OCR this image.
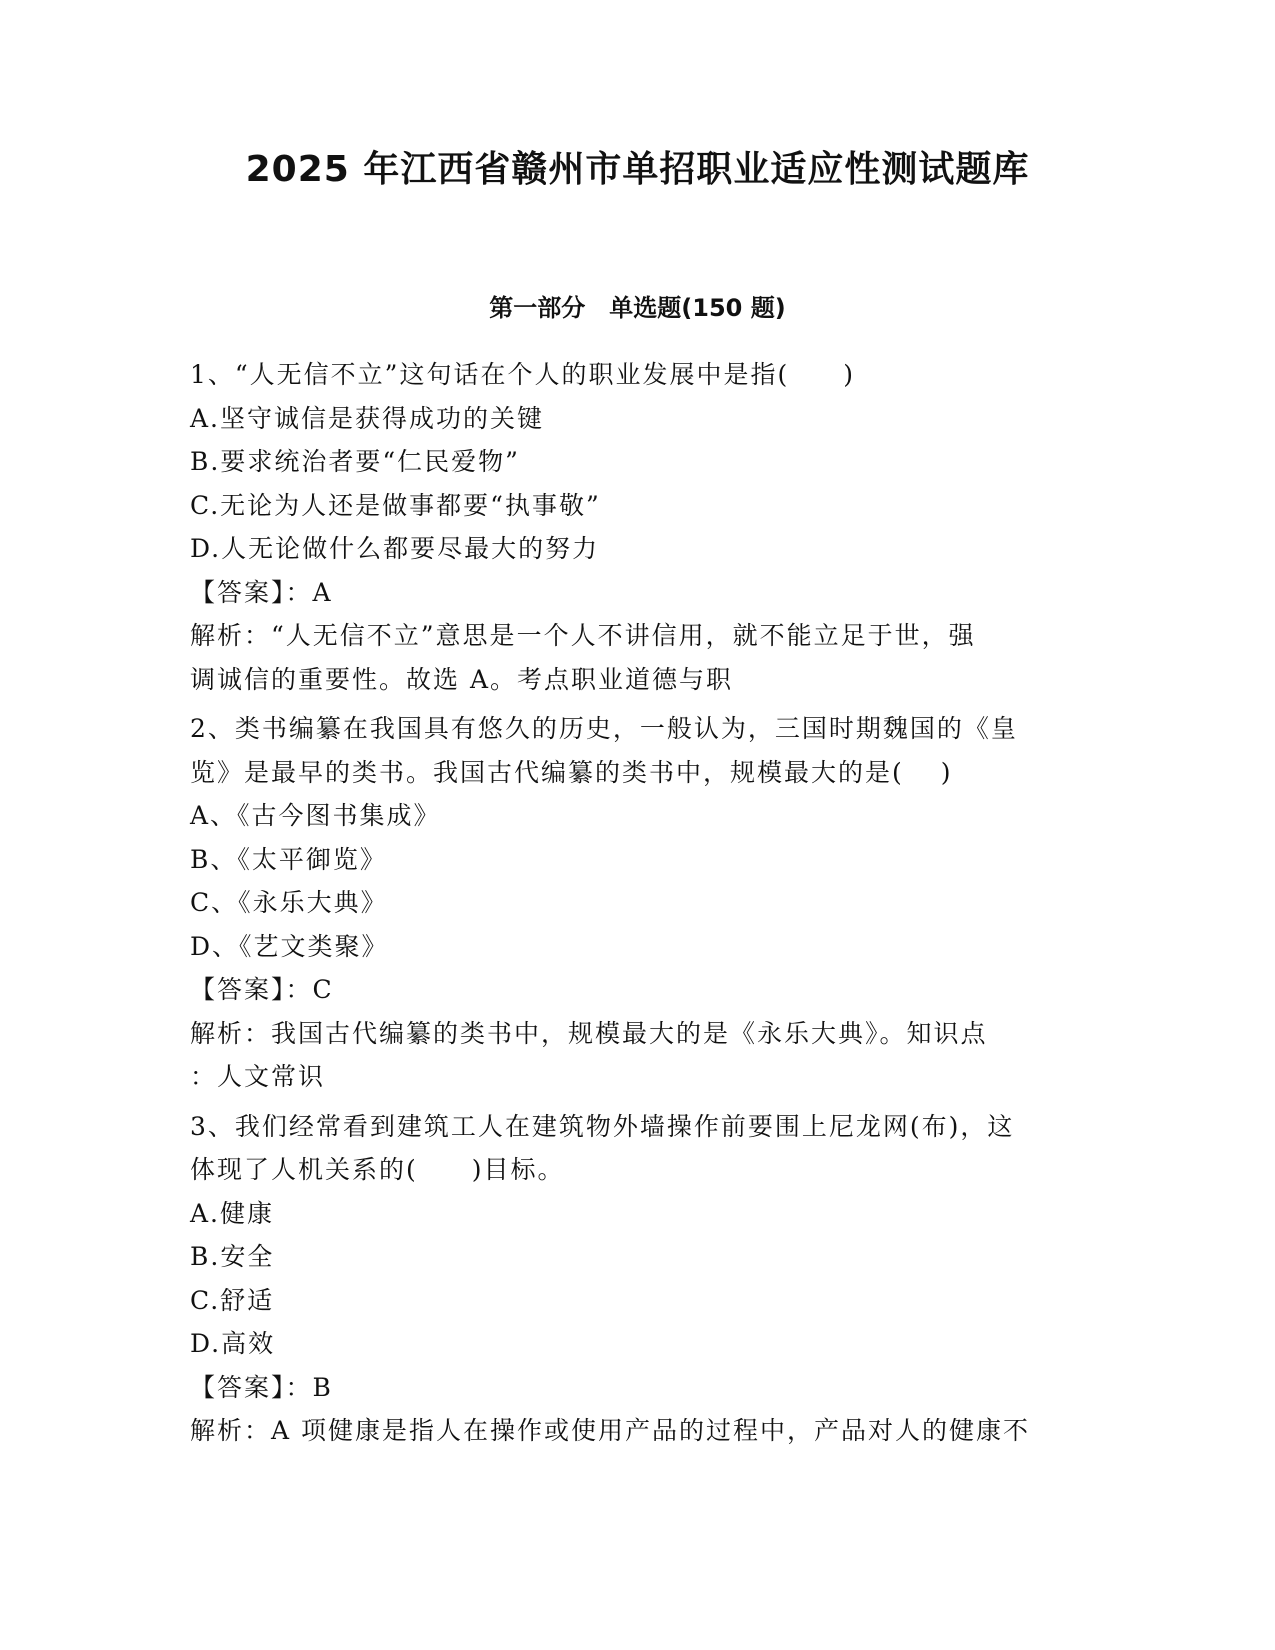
2025 年江西省赣州市单招职业适应性测试题库
第一部分　单选题(150 题)
1、“人无信不立”这句话在个人的职业发展中是指(　　)
A.坚守诚信是获得成功的关键
B.要求统治者要“仁民爱物”
C.无论为人还是做事都要“执事敬”
D.人无论做什么都要尽最大的努力
【答案】：A
解析：“人无信不立”意思是一个人不讲信用，就不能立足于世，强
调诚信的重要性。故选 A。考点职业道德与职
2、类书编纂在我国具有悠久的历史，一般认为，三国时期魏国的《皇
览》是最早的类书。我国古代编纂的类书中，规模最大的是(　 )
A、《古今图书集成》
B、《太平御览》
C、《永乐大典》
D、《艺文类聚》
【答案】：C
解析：我国古代编纂的类书中，规模最大的是《永乐大典》。知识点
：人文常识
3、我们经常看到建筑工人在建筑物外墙操作前要围上尼龙网(布)，这
体现了人机关系的(　　)目标。
A.健康
B.安全
C.舒适
D.高效
【答案】：B
解析：A 项健康是指人在操作或使用产品的过程中，产品对人的健康不
